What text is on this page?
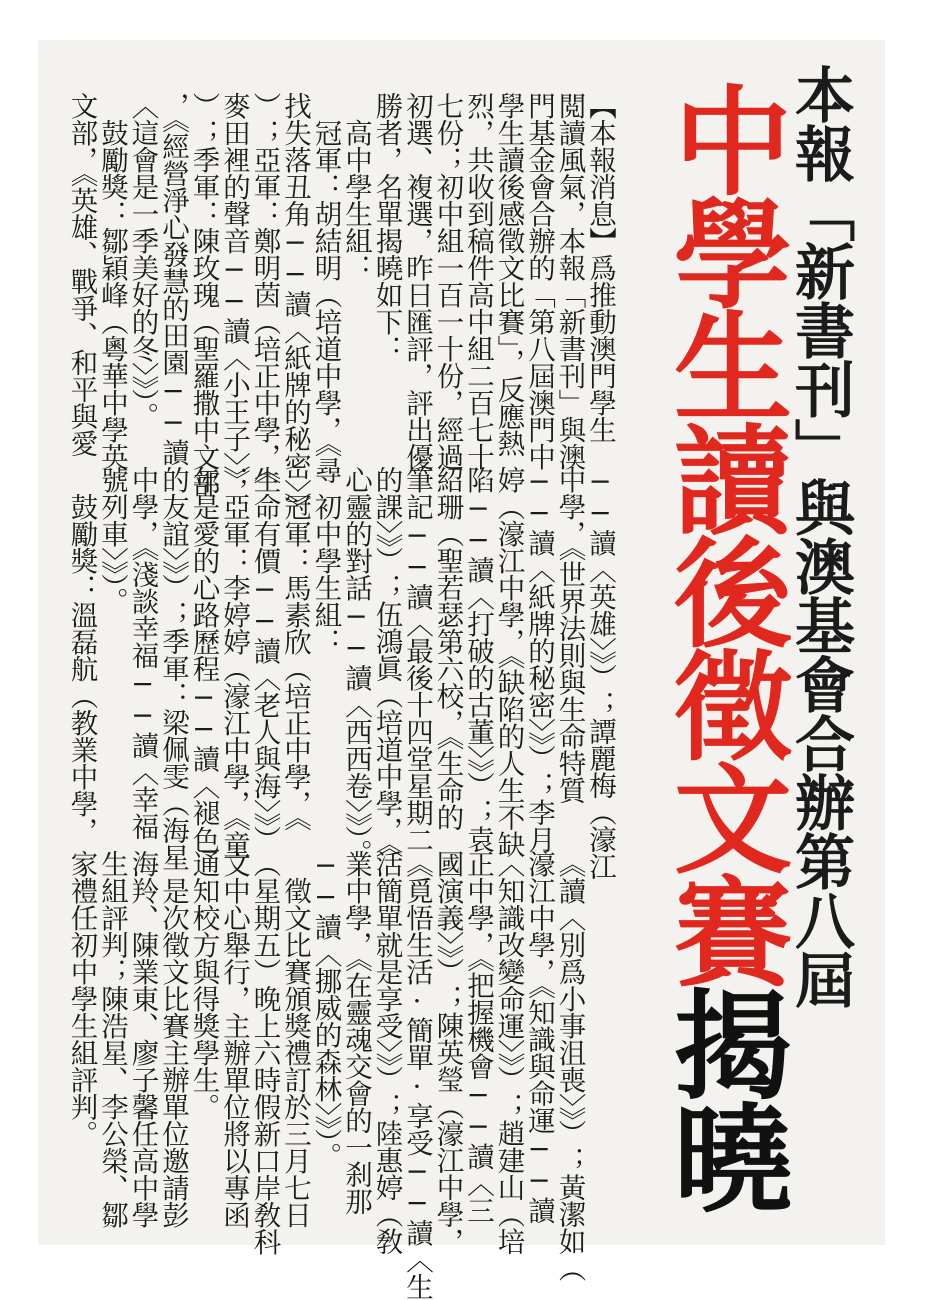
本報「新書刊」與澳基會合辦第八屆
中學生讀後徵文賽揭曉
【本報消息】爲推動澳門學生
閲讀風氣，本報「新書刊」與澳
門基金會合辦的「第八屆澳門中
學生讀後感徵文比賽」，反應熱
烈，共收到稿件高中組二百七十
七份；初中組一百一十份，經過
初選、複選，昨日匯評，評出優
勝者，名單揭曉如下：
　高中學生組：
　冠軍：胡結明（培道中學，《尋
找失落丑角──讀〈紙牌的秘密〉》
）；亞軍：鄭明茵（培正中學，《
麥田裡的聲音──讀〈小王子〉》
）；季軍：陳玫瑰（聖羅撒中文部
，《經營淨心發慧的田園──讀
〈這會是一季美好的冬〉》）。
　鼓勵獎：鄒穎峰（粵華中學英
文部，《英雄、戰爭、和平與愛
──讀〈英雄〉》）；譚麗梅（濠江
中學，《世界法則與生命特質
──讀〈紙牌的秘密〉》）；李月
婷（濠江中學，《缺陷的人生不缺
陷──讀〈打破的古董〉》）；袁
紹珊（聖若瑟第六校，《生命的
筆記──讀〈最後十四堂星期二
的課〉》）；伍鴻眞（培道中學，《
心靈的對話──讀〈西西卷〉》）。
　初中學生組：
　冠軍：馬素欣（培正中學，《
生命有價──讀〈老人與海〉》）
；亞軍：李婷婷（濠江中學，《童
年是愛的心路歷程──讀〈褪色
的友誼〉》）；季軍：梁佩雯（海星
中學，《淺談幸福──讀〈幸福
號列車〉》）。
　鼓勵獎：溫磊航（教業中學，
《讀〈別爲小事沮喪〉》）；黃潔如（
濠江中學，《知識與命運──讀
〈知識改變命運〉》）；趙建山（培
正中學，《把握機會──讀〈三
國演義〉》）；陳英瑩（濠江中學，
《覓悟生活·簡單·享受──讀〈生
活簡單就是享受〉》）；陸惠婷（敎
業中學，《在靈魂交會的一刹那
──讀〈挪威的森林〉》）。
　徵文比賽頒獎禮訂於三月七日
（星期五）晚上六時假新口岸敎科
文中心舉行，主辦單位將以專函
通知校方與得獎學生。
　是次徵文比賽主辦單位邀請彭
海羚、陳業東、廖子馨任高中學
生組評判；陳浩星、李公榮、鄒
家禮任初中學生組評判。
